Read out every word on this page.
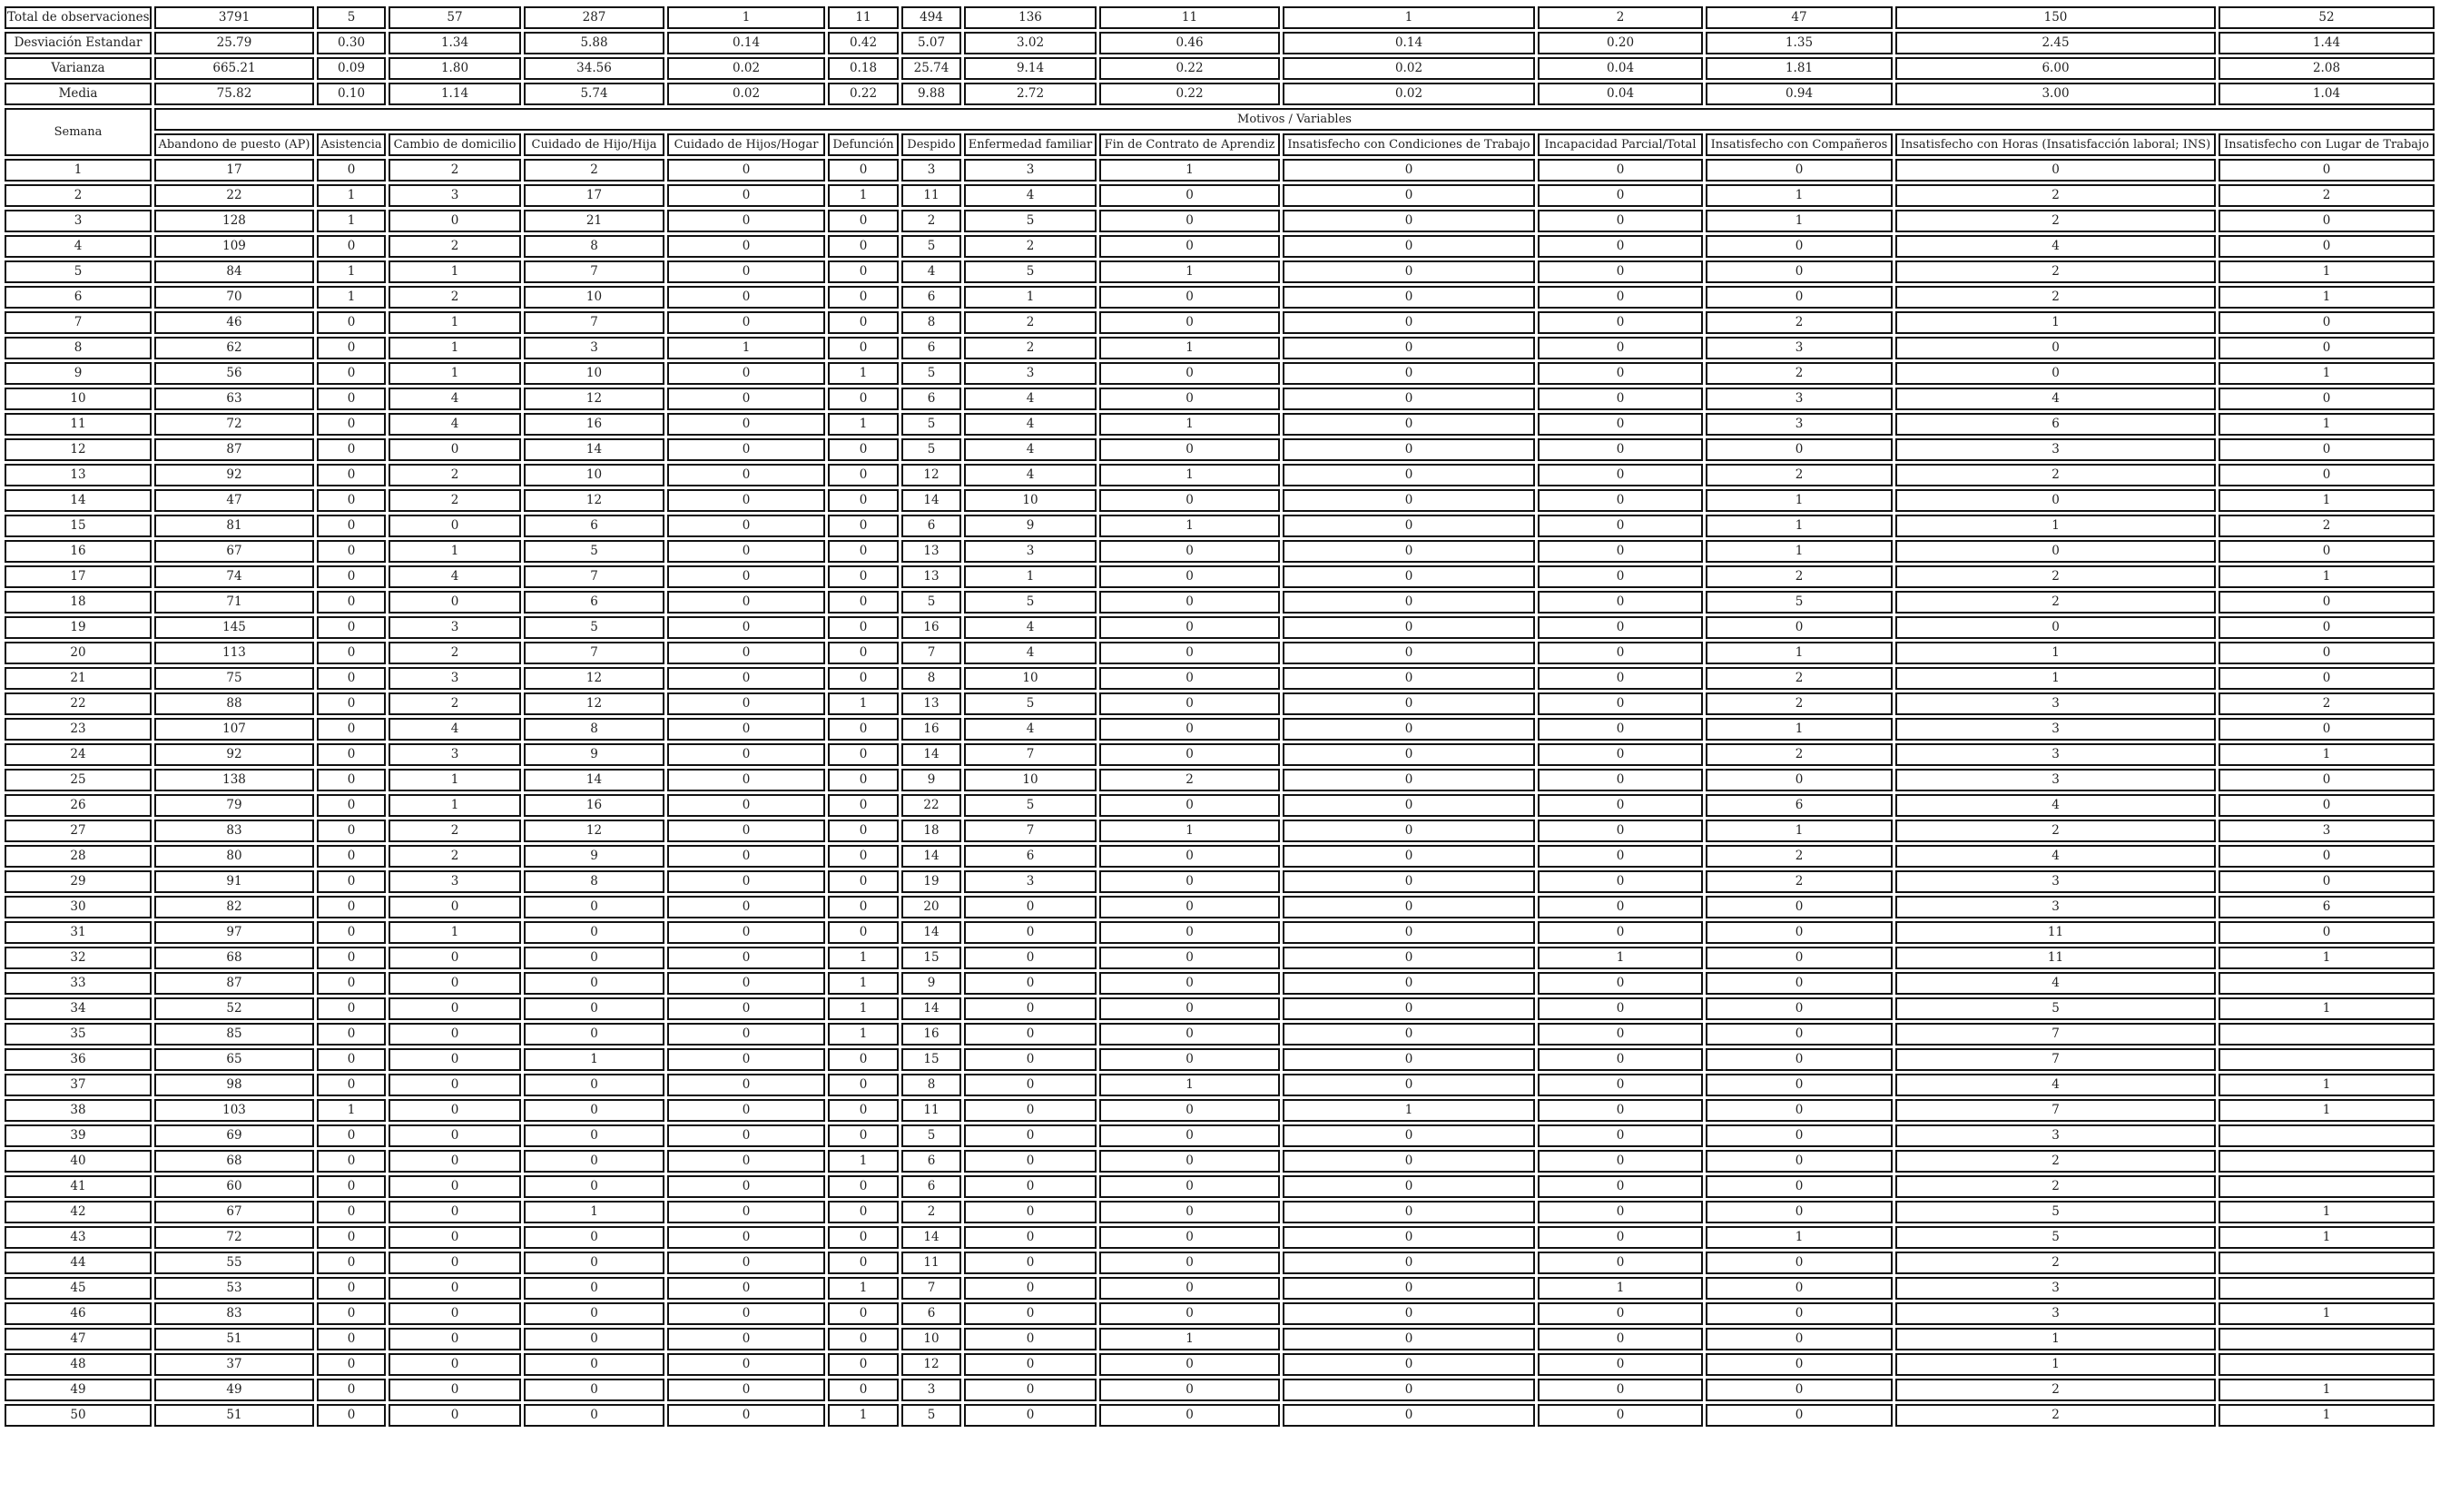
Total de observaciones	3791	5	57	287	1	11	494	136	11	1	2	47	150	52
Desviación Estandar	25.79	0.30	1.34	5.88	0.14	0.42	5.07	3.02	0.46	0.14	0.20	1.35	2.45	1.44
Varianza	665.21	0.09	1.80	34.56	0.02	0.18	25.74	9.14	0.22	0.02	0.04	1.81	6.00	2.08
Media	75.82	0.10	1.14	5.74	0.02	0.22	9.88	2.72	0.22	0.02	0.04	0.94	3.00	1.04
Semana	Motivos / Variables													
	Abandono de puesto (AP)	Asistencia	Cambio de domicilio	Cuidado de Hijo/Hija	Cuidado de Hijos/Hogar	Defunción	Despido	Enfermedad familiar	Fin de Contrato de Aprendiz	Insatisfecho con Condiciones de Trabajo	Incapacidad Parcial/Total	Insatisfecho con Compañeros	Insatisfecho con Horas (Insatisfacción laboral; INS)	Insatisfecho con Lugar de Trabajo
1	17	0	2	2	0	0	3	3	1	0	0	0	0	0
2	22	1	3	17	0	1	11	4	0	0	0	1	2	2
3	128	1	0	21	0	0	2	5	0	0	0	1	2	0
4	109	0	2	8	0	0	5	2	0	0	0	0	4	0
5	84	1	1	7	0	0	4	5	1	0	0	0	2	1
6	70	1	2	10	0	0	6	1	0	0	0	0	2	1
7	46	0	1	7	0	0	8	2	0	0	0	2	1	0
8	62	0	1	3	1	0	6	2	1	0	0	3	0	0
9	56	0	1	10	0	1	5	3	0	0	0	2	0	1
10	63	0	4	12	0	0	6	4	0	0	0	3	4	0
11	72	0	4	16	0	1	5	4	1	0	0	3	6	1
12	87	0	0	14	0	0	5	4	0	0	0	0	3	0
13	92	0	2	10	0	0	12	4	1	0	0	2	2	0
14	47	0	2	12	0	0	14	10	0	0	0	1	0	1
15	81	0	0	6	0	0	6	9	1	0	0	1	1	2
16	67	0	1	5	0	0	13	3	0	0	0	1	0	0
17	74	0	4	7	0	0	13	1	0	0	0	2	2	1
18	71	0	0	6	0	0	5	5	0	0	0	5	2	0
19	145	0	3	5	0	0	16	4	0	0	0	0	0	0
20	113	0	2	7	0	0	7	4	0	0	0	1	1	0
21	75	0	3	12	0	0	8	10	0	0	0	2	1	0
22	88	0	2	12	0	1	13	5	0	0	0	2	3	2
23	107	0	4	8	0	0	16	4	0	0	0	1	3	0
24	92	0	3	9	0	0	14	7	0	0	0	2	3	1
25	138	0	1	14	0	0	9	10	2	0	0	0	3	0
26	79	0	1	16	0	0	22	5	0	0	0	6	4	0
27	83	0	2	12	0	0	18	7	1	0	0	1	2	3
28	80	0	2	9	0	0	14	6	0	0	0	2	4	0
29	91	0	3	8	0	0	19	3	0	0	0	2	3	0
30	82	0	0	0	0	0	20	0	0	0	0	0	3	6
31	97	0	1	0	0	0	14	0	0	0	0	0	11	0
32	68	0	0	0	0	1	15	0	0	0	1	0	11	1
33	87	0	0	0	0	1	9	0	0	0	0	0	4	
34	52	0	0	0	0	1	14	0	0	0	0	0	5	1
35	85	0	0	0	0	1	16	0	0	0	0	0	7	
36	65	0	0	1	0	0	15	0	0	0	0	0	7	
37	98	0	0	0	0	0	8	0	1	0	0	0	4	1
38	103	1	0	0	0	0	11	0	0	1	0	0	7	1
39	69	0	0	0	0	0	5	0	0	0	0	0	3	
40	68	0	0	0	0	1	6	0	0	0	0	0	2	
41	60	0	0	0	0	0	6	0	0	0	0	0	2	
42	67	0	0	1	0	0	2	0	0	0	0	0	5	1
43	72	0	0	0	0	0	14	0	0	0	0	1	5	1
44	55	0	0	0	0	0	11	0	0	0	0	0	2	
45	53	0	0	0	0	1	7	0	0	0	1	0	3	
46	83	0	0	0	0	0	6	0	0	0	0	0	3	1
47	51	0	0	0	0	0	10	0	1	0	0	0	1	
48	37	0	0	0	0	0	12	0	0	0	0	0	1	
49	49	0	0	0	0	0	3	0	0	0	0	0	2	1
50	51	0	0	0	0	1	5	0	0	0	0	0	2	1
